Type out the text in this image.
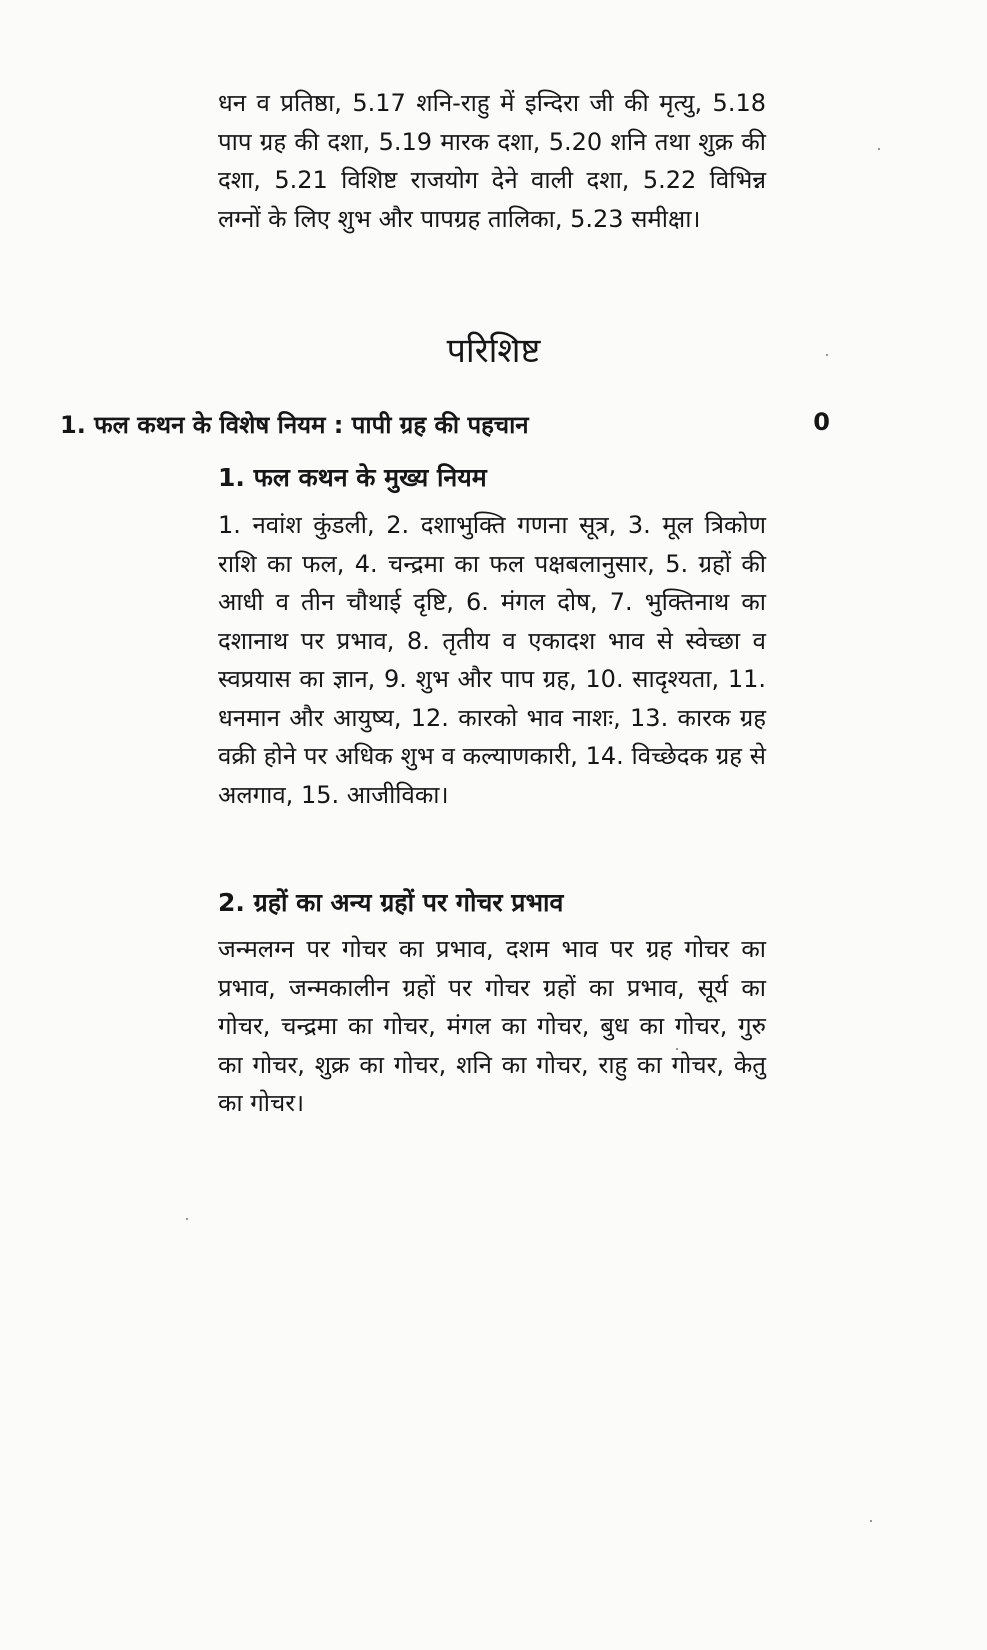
धन व प्रतिष्ठा, 5.17 शनि-राहु में इन्दिरा जी की मृत्यु, 5.18 पाप ग्रह की दशा, 5.19 मारक दशा, 5.20 शनि तथा शुक्र की दशा, 5.21 विशिष्ट राजयोग देने वाली दशा, 5.22 विभिन्न लग्नों के लिए शुभ और पापग्रह तालिका, 5.23 समीक्षा।

परिशिष्ट
1. फल कथन के विशेष नियम : पापी ग्रह की पहचान	0
1. फल कथन के मुख्य नियम

1. नवांश कुंडली, 2. दशाभुक्ति गणना सूत्र, 3. मूल त्रिकोण राशि का फल, 4. चन्द्रमा का फल पक्षबलानुसार, 5. ग्रहों की आधी व तीन चौथाई दृष्टि, 6. मंगल दोष, 7. भुक्तिनाथ का दशानाथ पर प्रभाव, 8. तृतीय व एकादश भाव से स्वेच्छा व स्वप्रयास का ज्ञान, 9. शुभ और पाप ग्रह, 10. सादृश्यता, 11. धनमान और आयुष्य, 12. कारको भाव नाशः, 13. कारक ग्रह वक्री होने पर अधिक शुभ व कल्याणकारी, 14. विच्छेदक ग्रह से अलगाव, 15. आजीविका।

2. ग्रहों का अन्य ग्रहों पर गोचर प्रभाव

जन्मलग्न पर गोचर का प्रभाव, दशम भाव पर ग्रह गोचर का प्रभाव, जन्मकालीन ग्रहों पर गोचर ग्रहों का प्रभाव, सूर्य का गोचर, चन्द्रमा का गोचर, मंगल का गोचर, बुध का गोचर, गुरु का गोचर, शुक्र का गोचर, शनि का गोचर, राहु का गोचर, केतु का गोचर।
